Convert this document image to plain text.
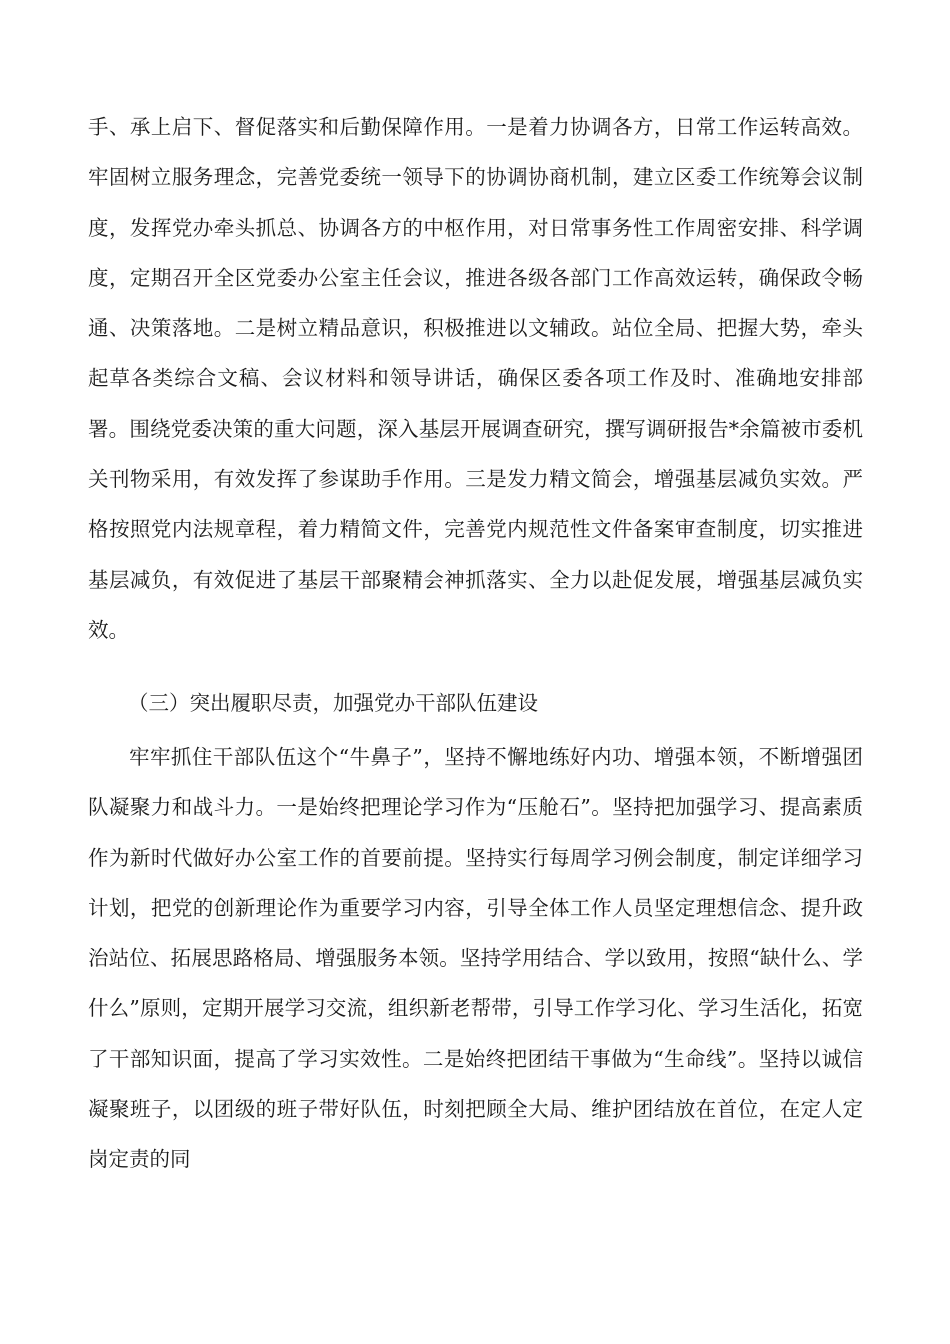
手、承上启下、督促落实和后勤保障作用。一是着力协调各方，日常工作运转高效。牢固树立服务理念，完善党委统一领导下的协调协商机制，建立区委工作统筹会议制度，发挥党办牵头抓总、协调各方的中枢作用，对日常事务性工作周密安排、科学调度，定期召开全区党委办公室主任会议，推进各级各部门工作高效运转，确保政令畅通、决策落地。二是树立精品意识，积极推进以文辅政。站位全局、把握大势，牵头起草各类综合文稿、会议材料和领导讲话，确保区委各项工作及时、准确地安排部署。围绕党委决策的重大问题，深入基层开展调查研究，撰写调研报告*余篇被市委机关刊物采用，有效发挥了参谋助手作用。三是发力精文简会，增强基层减负实效。严格按照党内法规章程，着力精简文件，完善党内规范性文件备案审查制度，切实推进基层减负，有效促进了基层干部聚精会神抓落实、全力以赴促发展，增强基层减负实效。

（三）突出履职尽责，加强党办干部队伍建设

牢牢抓住干部队伍这个“牛鼻子”，坚持不懈地练好内功、增强本领，不断增强团队凝聚力和战斗力。一是始终把理论学习作为“压舱石”。坚持把加强学习、提高素质作为新时代做好办公室工作的首要前提。坚持实行每周学习例会制度，制定详细学习计划，把党的创新理论作为重要学习内容，引导全体工作人员坚定理想信念、提升政治站位、拓展思路格局、增强服务本领。坚持学用结合、学以致用，按照“缺什么、学什么”原则，定期开展学习交流，组织新老帮带，引导工作学习化、学习生活化，拓宽了干部知识面，提高了学习实效性。二是始终把团结干事做为“生命线”。坚持以诚信凝聚班子，以团级的班子带好队伍，时刻把顾全大局、维护团结放在首位，在定人定岗定责的同
